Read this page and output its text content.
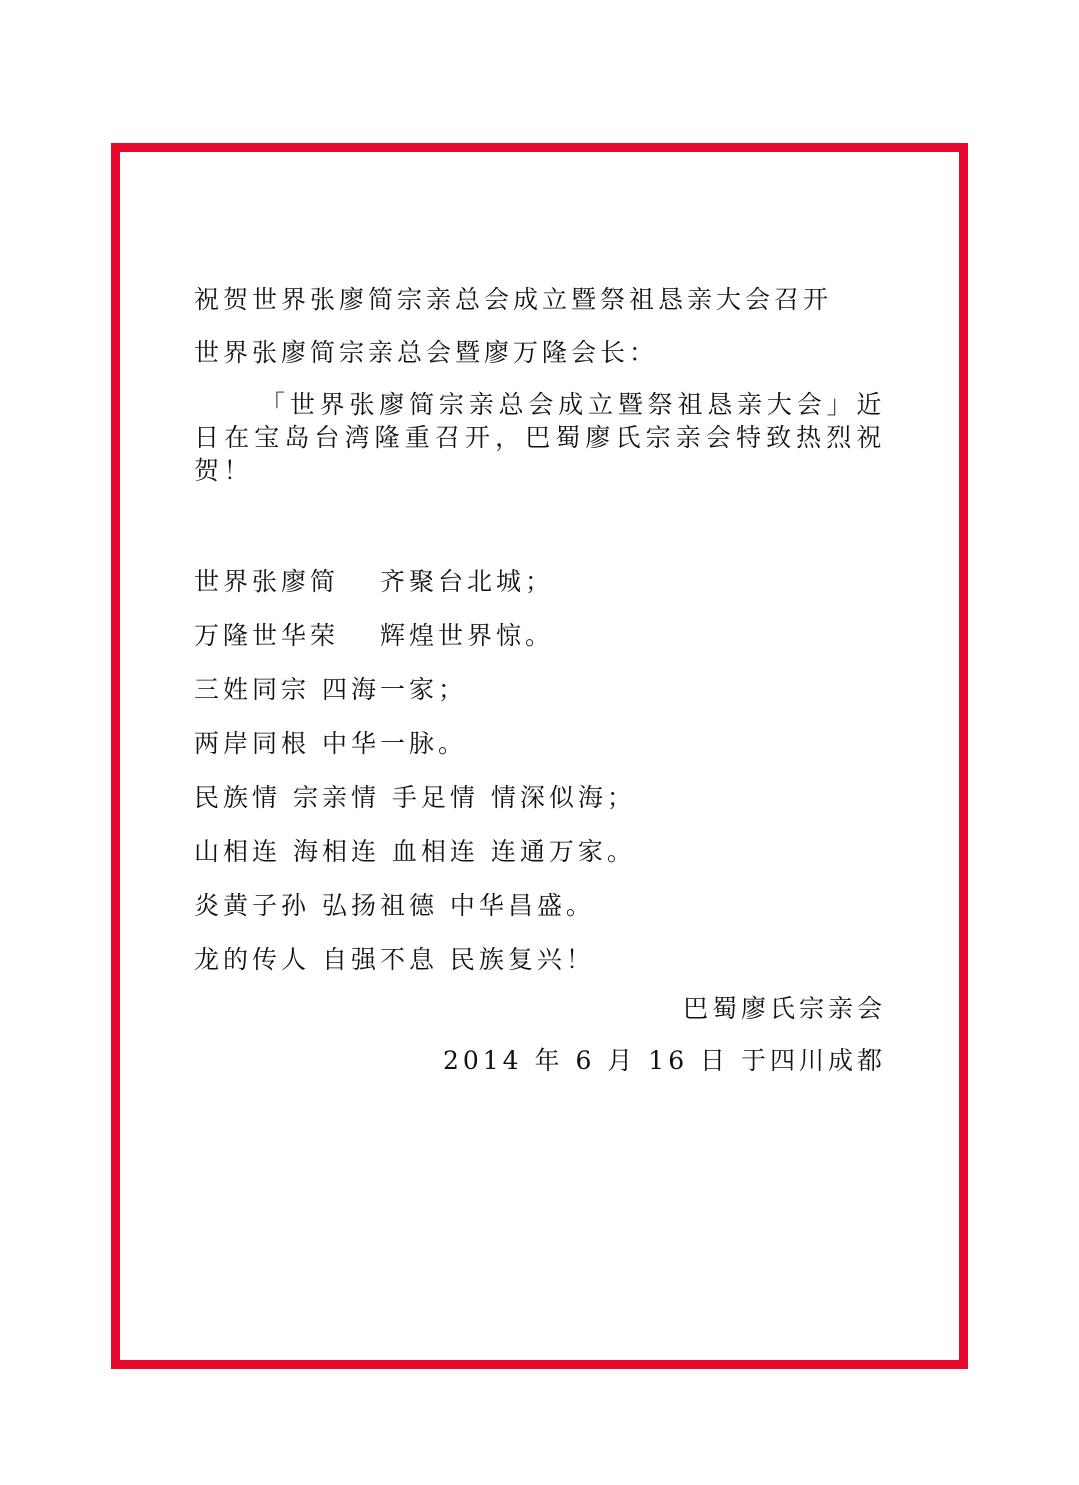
祝贺世界张廖简宗亲总会成立暨祭祖恳亲大会召开
世界张廖简宗亲总会暨廖万隆会长：
「世界张廖简宗亲总会成立暨祭祖恳亲大会」近日在宝岛台湾隆重召开，巴蜀廖氏宗亲会特致热烈祝贺！
世界张廖简　 齐聚台北城；
万隆世华荣　 辉煌世界惊。
三姓同宗 四海一家；
两岸同根 中华一脉。
民族情 宗亲情 手足情 情深似海；
山相连 海相连 血相连 连通万家。
炎黄子孙 弘扬祖德 中华昌盛。
龙的传人 自强不息 民族复兴！
巴蜀廖氏宗亲会
2014 年 6 月 16 日 于四川成都
